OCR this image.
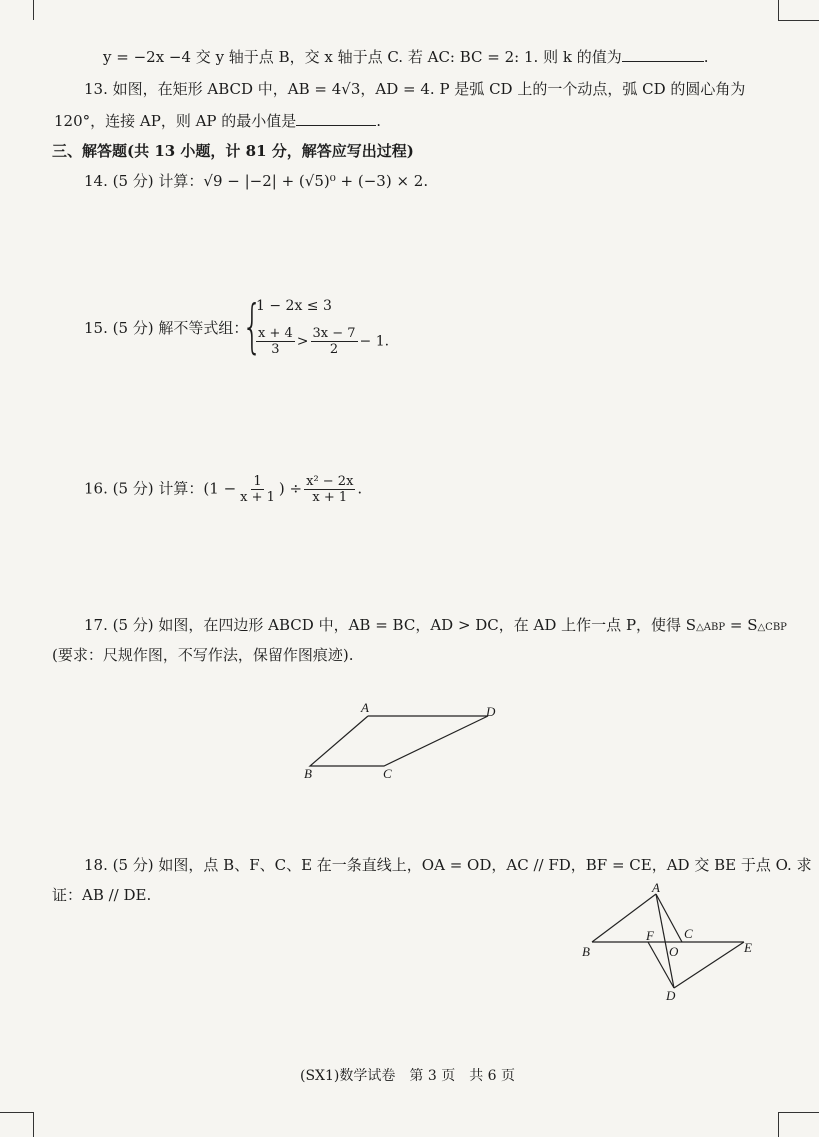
y = −2x −4 交 y 轴于点 B，交 x 轴于点 C. 若 AC: BC = 2: 1. 则 k 的值为	.
13. 如图，在矩形 ABCD 中，AB = 4√3，AD = 4. P 是弧 CD 上的一个动点，弧 CD 的圆心角为
120°，连接 AP，则 AP 的最小值是	.
三、解答题(共 13 小题，计 81 分，解答应写出过程)
14. (5 分) 计算：√9 − |−2| + (√5)⁰ + (−3) × 2.
15. (5 分) 解不等式组：
{
1 − 2x ≤ 3
$\frac{x + 4}{3} > \frac{3x - 7}{2} - 1$.
16. (5 分) 计算：($1 - \frac{1}{x + 1}$ ) ÷ $\frac{\text{x² − 2x}}{x + 1}$ .
17. (5 分) 如图，在四边形 ABCD 中，AB = BC，AD > DC，在 AD 上作一点 P，使得 S△ABP = S△CBP
(要求：尺规作图，不写作法，保留作图痕迹).
A	D
B	C
18. (5 分) 如图，点 B、F、C、E 在一条直线上，OA = OD，AC // FD，BF = CE，AD 交 BE 于点 O. 求
证：AB // DE.	A
B
F C
O	E
D
(SX1)数学试卷　第 3 页　共 6 页
